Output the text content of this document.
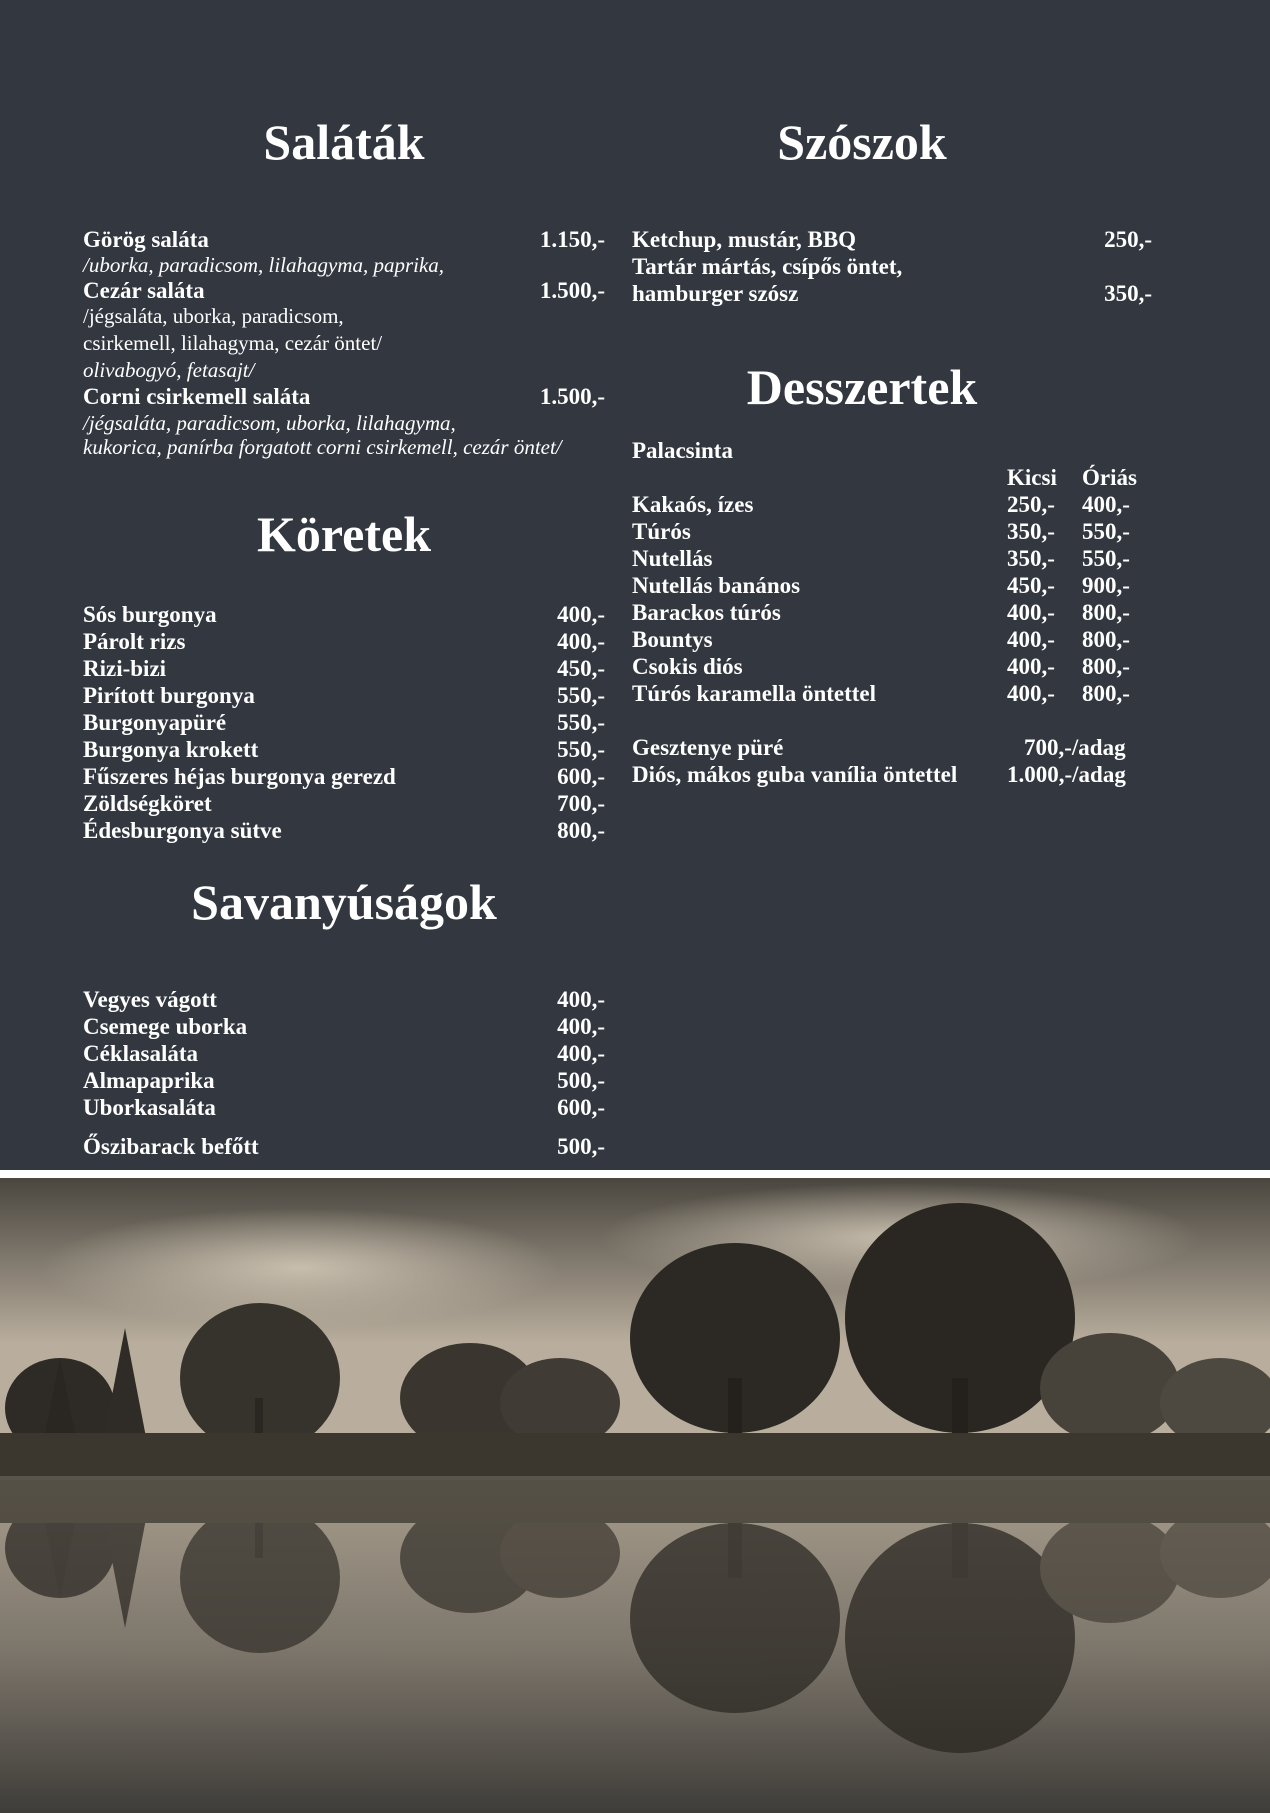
Saláták
Görög saláta	1.150,-
/uborka, paradicsom, lilahagyma, paprika,
Cezár saláta	1.500,-
/jégsaláta, uborka, paradicsom,
csirkemell, lilahagyma, cezár öntet/
olivabogyó, fetasajt/
Corni csirkemell saláta	1.500,-
/jégsaláta, paradicsom, uborka, lilahagyma,
kukorica, panírba forgatott corni csirkemell, cezár öntet/
Köretek
Sós burgonya	400,-
Párolt rizs	400,-
Rizi-bizi	450,-
Pirított burgonya	550,-
Burgonyapüré	550,-
Burgonya krokett	550,-
Fűszeres héjas burgonya gerezd	600,-
Zöldségköret	700,-
Édesburgonya sütve	800,-
Savanyúságok
Vegyes vágott	400,-
Csemege uborka	400,-
Céklasaláta	400,-
Almapaprika	500,-
Uborkasaláta	600,-
Őszibarack befőtt	500,-
Szószok
Ketchup, mustár, BBQ	250,-
Tartár mártás, csípős öntet,
hamburger szósz	350,-
Desszertek
Palacsinta
Kicsi Óriás
Kakaós, ízes	250,- 400,-
Túrós	350,- 550,-
Nutellás	350,- 550,-
Nutellás banános	450,- 900,-
Barackos túrós	400,- 800,-
Bountys	400,- 800,-
Csokis diós	400,- 800,-
Túrós karamella öntettel	400,- 800,-
Gesztenye püré	700,-/adag
Diós, mákos guba vanília öntettel 1.000,-/adag
